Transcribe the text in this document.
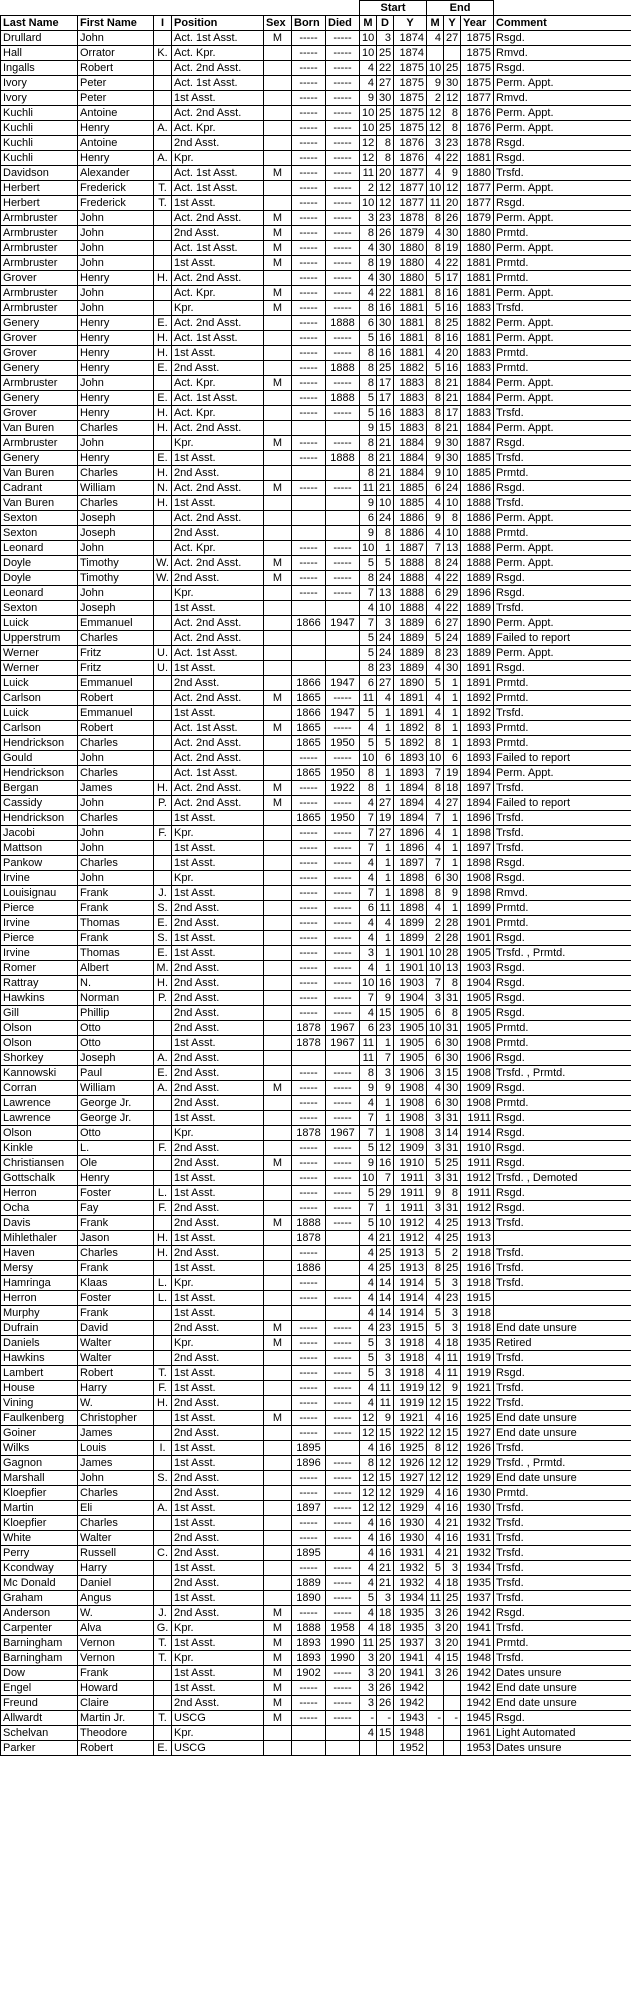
							Start			End			
Last Name	First Name	I	Position	Sex	Born	Died	M	D	Y	M	Y	Year	Comment
Drullard	John		Act. 1st Asst.	M	-----	-----	10	3	1874	4	27	1875	Rsgd.
Hall	Orrator	K.	Act. Kpr.		-----	-----	10	25	1874			1875	Rmvd.
Ingalls	Robert		Act. 2nd Asst.		-----	-----	4	22	1875	10	25	1875	Rsgd.
Ivory	Peter		Act. 1st Asst.		-----	-----	4	27	1875	9	30	1875	Perm. Appt.
Ivory	Peter		1st Asst.		-----	-----	9	30	1875	2	12	1877	Rmvd.
Kuchli	Antoine		Act. 2nd Asst.		-----	-----	10	25	1875	12	8	1876	Perm. Appt.
Kuchli	Henry	A.	Act. Kpr.		-----	-----	10	25	1875	12	8	1876	Perm. Appt.
Kuchli	Antoine		2nd Asst.		-----	-----	12	8	1876	3	23	1878	Rsgd.
Kuchli	Henry	A.	Kpr.		-----	-----	12	8	1876	4	22	1881	Rsgd.
Davidson	Alexander		Act. 1st Asst.	M	-----	-----	11	20	1877	4	9	1880	Trsfd.
Herbert	Frederick	T.	Act. 1st Asst.		-----	-----	2	12	1877	10	12	1877	Perm. Appt.
Herbert	Frederick	T.	1st Asst.		-----	-----	10	12	1877	11	20	1877	Rsgd.
Armbruster	John		Act. 2nd Asst.	M	-----	-----	3	23	1878	8	26	1879	Perm. Appt.
Armbruster	John		2nd Asst.	M	-----	-----	8	26	1879	4	30	1880	Prmtd.
Armbruster	John		Act. 1st Asst.	M	-----	-----	4	30	1880	8	19	1880	Perm. Appt.
Armbruster	John		1st Asst.	M	-----	-----	8	19	1880	4	22	1881	Prmtd.
Grover	Henry	H.	Act. 2nd Asst.		-----	-----	4	30	1880	5	17	1881	Prmtd.
Armbruster	John		Act. Kpr.	M	-----	-----	4	22	1881	8	16	1881	Perm. Appt.
Armbruster	John		Kpr.	M	-----	-----	8	16	1881	5	16	1883	Trsfd.
Genery	Henry	E.	Act. 2nd Asst.		-----	1888	6	30	1881	8	25	1882	Perm. Appt.
Grover	Henry	H.	Act. 1st Asst.		-----	-----	5	16	1881	8	16	1881	Perm. Appt.
Grover	Henry	H.	1st Asst.		-----	-----	8	16	1881	4	20	1883	Prmtd.
Genery	Henry	E.	2nd Asst.		-----	1888	8	25	1882	5	16	1883	Prmtd.
Armbruster	John		Act. Kpr.	M	-----	-----	8	17	1883	8	21	1884	Perm. Appt.
Genery	Henry	E.	Act. 1st Asst.		-----	1888	5	17	1883	8	21	1884	Perm. Appt.
Grover	Henry	H.	Act. Kpr.		-----	-----	5	16	1883	8	17	1883	Trsfd.
Van Buren	Charles	H.	Act. 2nd Asst.				9	15	1883	8	21	1884	Perm. Appt.
Armbruster	John		Kpr.	M	-----	-----	8	21	1884	9	30	1887	Rsgd.
Genery	Henry	E.	1st Asst.		-----	1888	8	21	1884	9	30	1885	Trsfd.
Van Buren	Charles	H.	2nd Asst.				8	21	1884	9	10	1885	Prmtd.
Cadrant	William	N.	Act. 2nd Asst.	M	-----	-----	11	21	1885	6	24	1886	Rsgd.
Van Buren	Charles	H.	1st Asst.				9	10	1885	4	10	1888	Trsfd.
Sexton	Joseph		Act. 2nd Asst.				6	24	1886	9	8	1886	Perm. Appt.
Sexton	Joseph		2nd Asst.				9	8	1886	4	10	1888	Prmtd.
Leonard	John		Act. Kpr.		-----	-----	10	1	1887	7	13	1888	Perm. Appt.
Doyle	Timothy	W.	Act. 2nd Asst.	M	-----	-----	5	5	1888	8	24	1888	Perm. Appt.
Doyle	Timothy	W.	2nd Asst.	M	-----	-----	8	24	1888	4	22	1889	Rsgd.
Leonard	John		Kpr.		-----	-----	7	13	1888	6	29	1896	Rsgd.
Sexton	Joseph		1st Asst.				4	10	1888	4	22	1889	Trsfd.
Luick	Emmanuel		Act. 2nd Asst.		1866	1947	7	3	1889	6	27	1890	Perm. Appt.
Upperstrum	Charles		Act. 2nd Asst.				5	24	1889	5	24	1889	Failed to report
Werner	Fritz	U.	Act. 1st Asst.				5	24	1889	8	23	1889	Perm. Appt.
Werner	Fritz	U.	1st Asst.				8	23	1889	4	30	1891	Rsgd.
Luick	Emmanuel		2nd Asst.		1866	1947	6	27	1890	5	1	1891	Prmtd.
Carlson	Robert		Act. 2nd Asst.	M	1865	-----	11	4	1891	4	1	1892	Prmtd.
Luick	Emmanuel		1st Asst.		1866	1947	5	1	1891	4	1	1892	Trsfd.
Carlson	Robert		Act. 1st Asst.	M	1865	-----	4	1	1892	8	1	1893	Prmtd.
Hendrickson	Charles		Act. 2nd Asst.		1865	1950	5	5	1892	8	1	1893	Prmtd.
Gould	John		Act. 2nd Asst.		-----	-----	10	6	1893	10	6	1893	Failed to report
Hendrickson	Charles		Act. 1st Asst.		1865	1950	8	1	1893	7	19	1894	Perm. Appt.
Bergan	James	H.	Act. 2nd Asst.	M	-----	1922	8	1	1894	8	18	1897	Trsfd.
Cassidy	John	P.	Act. 2nd Asst.	M	-----	-----	4	27	1894	4	27	1894	Failed to report
Hendrickson	Charles		1st Asst.		1865	1950	7	19	1894	7	1	1896	Trsfd.
Jacobi	John	F.	Kpr.		-----	-----	7	27	1896	4	1	1898	Trsfd.
Mattson	John		1st Asst.		-----	-----	7	1	1896	4	1	1897	Trsfd.
Pankow	Charles		1st Asst.		-----	-----	4	1	1897	7	1	1898	Rsgd.
Irvine	John		Kpr.		-----	-----	4	1	1898	6	30	1908	Rsgd.
Louisignau	Frank	J.	1st Asst.		-----	-----	7	1	1898	8	9	1898	Rmvd.
Pierce	Frank	S.	2nd Asst.		-----	-----	6	11	1898	4	1	1899	Prmtd.
Irvine	Thomas	E.	2nd Asst.		-----	-----	4	4	1899	2	28	1901	Prmtd.
Pierce	Frank	S.	1st Asst.		-----	-----	4	1	1899	2	28	1901	Rsgd.
Irvine	Thomas	E.	1st Asst.		-----	-----	3	1	1901	10	28	1905	Trsfd. , Prmtd.
Romer	Albert	M.	2nd Asst.		-----	-----	4	1	1901	10	13	1903	Rsgd.
Rattray	N.	H.	2nd Asst.		-----	-----	10	16	1903	7	8	1904	Rsgd.
Hawkins	Norman	P.	2nd Asst.		-----	-----	7	9	1904	3	31	1905	Rsgd.
Gill	Phillip		2nd Asst.		-----	-----	4	15	1905	6	8	1905	Rsgd.
Olson	Otto		2nd Asst.		1878	1967	6	23	1905	10	31	1905	Prmtd.
Olson	Otto		1st Asst.		1878	1967	11	1	1905	6	30	1908	Prmtd.
Shorkey	Joseph	A.	2nd Asst.				11	7	1905	6	30	1906	Rsgd.
Kannowski	Paul	E.	2nd Asst.		-----	-----	8	3	1906	3	15	1908	Trsfd. , Prmtd.
Corran	William	A.	2nd Asst.	M	-----	-----	9	9	1908	4	30	1909	Rsgd.
Lawrence	George Jr.		2nd Asst.		-----	-----	4	1	1908	6	30	1908	Prmtd.
Lawrence	George Jr.		1st Asst.		-----	-----	7	1	1908	3	31	1911	Rsgd.
Olson	Otto		Kpr.		1878	1967	7	1	1908	3	14	1914	Rsgd.
Kinkle	L.	F.	2nd Asst.		-----	-----	5	12	1909	3	31	1910	Rsgd.
Christiansen	Ole		2nd Asst.	M	-----	-----	9	16	1910	5	25	1911	Rsgd.
Gottschalk	Henry		1st Asst.		-----	-----	10	7	1911	3	31	1912	Trsfd. , Demoted
Herron	Foster	L.	1st Asst.		-----	-----	5	29	1911	9	8	1911	Rsgd.
Ocha	Fay	F.	2nd Asst.		-----	-----	7	1	1911	3	31	1912	Rsgd.
Davis	Frank		2nd Asst.	M	1888	-----	5	10	1912	4	25	1913	Trsfd.
Mihlethaler	Jason	H.	1st Asst.		1878		4	21	1912	4	25	1913	
Haven	Charles	H.	2nd Asst.		-----		4	25	1913	5	2	1918	Trsfd.
Mersy	Frank		1st Asst.		1886		4	25	1913	8	25	1916	Trsfd.
Hamringa	Klaas	L.	Kpr.		-----		4	14	1914	5	3	1918	Trsfd.
Herron	Foster	L.	1st Asst.		-----	-----	4	14	1914	4	23	1915	
Murphy	Frank		1st Asst.				4	14	1914	5	3	1918	
Dufrain	David		2nd Asst.	M	-----	-----	4	23	1915	5	3	1918	End date unsure
Daniels	Walter		Kpr.	M	-----	-----	5	3	1918	4	18	1935	Retired
Hawkins	Walter		2nd Asst.		-----	-----	5	3	1918	4	11	1919	Trsfd.
Lambert	Robert	T.	1st Asst.		-----	-----	5	3	1918	4	11	1919	Rsgd.
House	Harry	F.	1st Asst.		-----	-----	4	11	1919	12	9	1921	Trsfd.
Vining	W.	H.	2nd Asst.		-----	-----	4	11	1919	12	15	1922	Trsfd.
Faulkenberg	Christopher		1st Asst.	M	-----	-----	12	9	1921	4	16	1925	End date unsure
Goiner	James		2nd Asst.		-----	-----	12	15	1922	12	15	1927	End date unsure
Wilks	Louis	I.	1st Asst.		1895		4	16	1925	8	12	1926	Trsfd.
Gagnon	James		1st Asst.		1896	-----	8	12	1926	12	12	1929	Trsfd. , Prmtd.
Marshall	John	S.	2nd Asst.		-----	-----	12	15	1927	12	12	1929	End date unsure
Kloepfier	Charles		2nd Asst.		-----	-----	12	12	1929	4	16	1930	Prmtd.
Martin	Eli	A.	1st Asst.		1897	-----	12	12	1929	4	16	1930	Trsfd.
Kloepfier	Charles		1st Asst.		-----	-----	4	16	1930	4	21	1932	Trsfd.
White	Walter		2nd Asst.		-----	-----	4	16	1930	4	16	1931	Trsfd.
Perry	Russell	C.	2nd Asst.		1895		4	16	1931	4	21	1932	Trsfd.
Kcondway	Harry		1st Asst.		-----	-----	4	21	1932	5	3	1934	Trsfd.
Mc Donald	Daniel		2nd Asst.		1889	-----	4	21	1932	4	18	1935	Trsfd.
Graham	Angus		1st Asst.		1890	-----	5	3	1934	11	25	1937	Trsfd.
Anderson	W.	J.	2nd Asst.	M	-----	-----	4	18	1935	3	26	1942	Rsgd.
Carpenter	Alva	G.	Kpr.	M	1888	1958	4	18	1935	3	20	1941	Trsfd.
Barningham	Vernon	T.	1st Asst.	M	1893	1990	11	25	1937	3	20	1941	Prmtd.
Barningham	Vernon	T.	Kpr.	M	1893	1990	3	20	1941	4	15	1948	Trsfd.
Dow	Frank		1st Asst.	M	1902	-----	3	20	1941	3	26	1942	Dates unsure
Engel	Howard		1st Asst.	M	-----	-----	3	26	1942			1942	End date unsure
Freund	Claire		2nd Asst.	M	-----	-----	3	26	1942			1942	End date unsure
Allwardt	Martin Jr.	T.	USCG	M	-----	-----	-	-	1943	-	-	1945	Rsgd.
Schelvan	Theodore		Kpr.				4	15	1948			1961	Light Automated
Parker	Robert	E.	USCG						1952			1953	Dates unsure
